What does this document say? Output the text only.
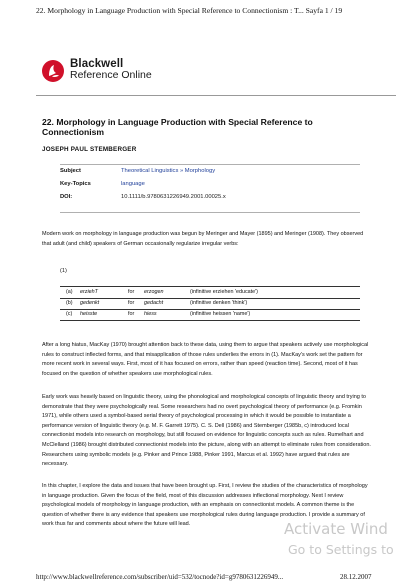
22. Morphology in Language Production with Special Reference to Connectionism : T... Sayfa 1 / 19
Blackwell
Reference Online
22. Morphology in Language Production with Special Reference to Connectionism
JOSEPH PAUL STEMBERGER
Subject	Theoretical Linguistics » Morphology
Key-Topics	language
DOI:	10.1111/b.9780631226949.2001.00025.x
Modern work on morphology in language production was begun by Meringer and Mayer (1895) and Meringer (1908). They observed that adult (and child) speakers of German occasionally regularize irregular verbs:
(1)
(a) erziehT	for erzogen	(infinitive erziehen 'educate')
(b) gedenkt	for gedacht	(infinitive denken 'think')
(c) heisste	for hiess	(infinitive heissen 'name')
After a long hiatus, MacKay (1970) brought attention back to these data, using them to argue that speakers actively use morphological rules to construct inflected forms, and that misapplication of those rules underlies the errors in (1). MacKay's work set the pattern for more recent work in several ways. First, most of it has focused on errors, rather than speed (reaction time). Second, most of it has focused on the question of whether speakers use morphological rules.
Early work was heavily based on linguistic theory, using the phonological and morphological concepts of linguistic theory and trying to demonstrate that they were psychologically real. Some researchers had no overt psychological theory of performance (e.g. Fromkin 1971), while others used a symbol-based serial theory of psychological processing in which it would be possible to instantiate a performance version of linguistic theory (e.g. M. F. Garrett 1975). C. S. Dell (1986) and Stemberger (1985b, c) introduced local connectionist models into research on morphology, but still focused on evidence for linguistic concepts such as rules. Rumelhart and McClelland (1986) brought distributed connectionist models into the picture, along with an attempt to eliminate rules from consideration. Researchers using symbolic models (e.g. Pinker and Prince 1988, Pinker 1991, Marcus et al. 1992) have argued that rules are necessary.
In this chapter, I explore the data and issues that have been brought up. First, I review the studies of the characteristics of morphology in language production. Given the focus of the field, most of this discussion addresses inflectional morphology. Next I review psychological models of morphology in language production, with an emphasis on connectionist models. A common theme is the question of whether there is any evidence that speakers use morphological rules during language production. I provide a summary of work thus far and comments about where the future will lead.	Activate Wind
Go to Settings to
http://www.blackwellreference.com/subscriber/uid=532/tocnode?id=g9780631226949...	28.12.2007
